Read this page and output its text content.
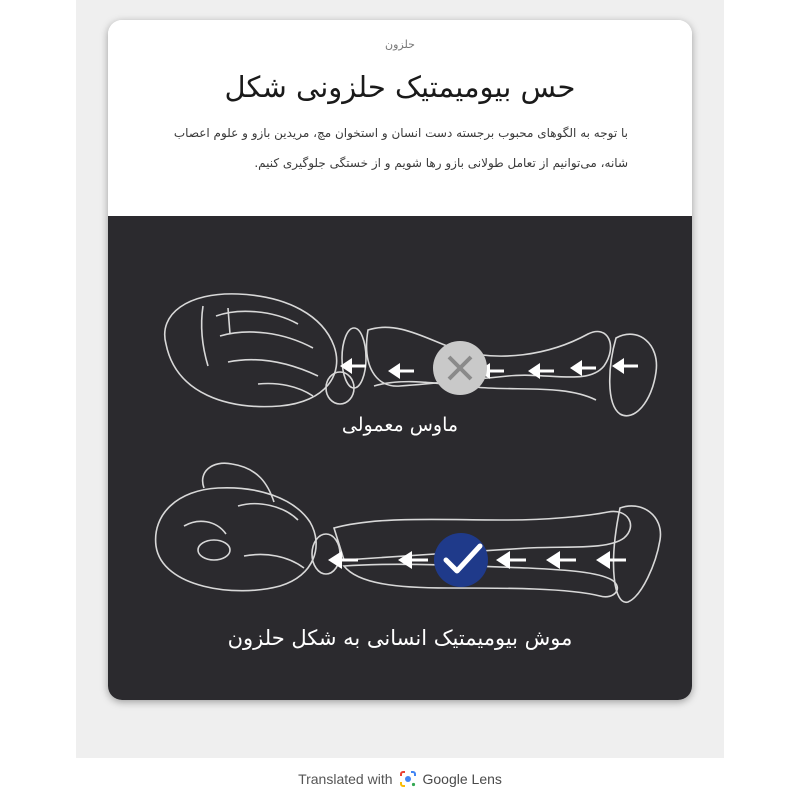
حلزون
حس بیومیمتیک حلزونی شکل
با توجه به الگوهای محبوب برجسته دست انسان و استخوان مچ، مریدین بازو و علوم اعصاب شانه، می‌توانیم از تعامل طولانی بازو رها شویم و از خستگی جلوگیری کنیم.
ماوس معمولی
موش بیومیمتیک انسانی به شکل حلزون
Translated with Google Lens
